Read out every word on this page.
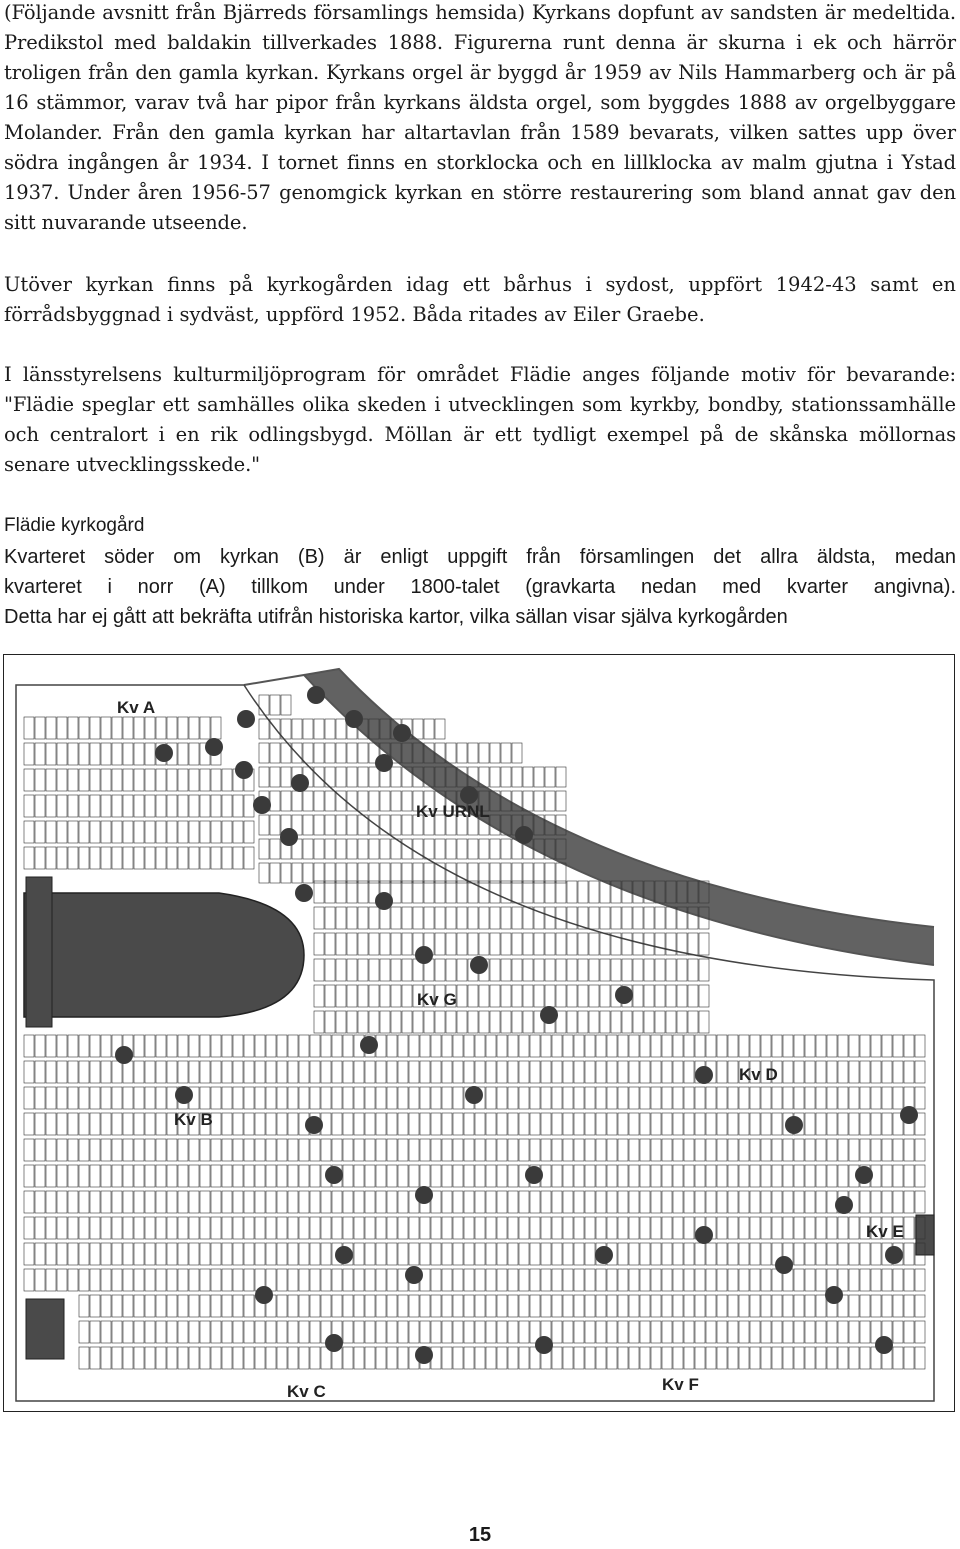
(Följande avsnitt från Bjärreds församlings hemsida) Kyrkans dopfunt av sandsten är medeltida. Predikstol med baldakin tillverkades 1888. Figurerna runt denna är skurna i ek och härrör troligen från den gamla kyrkan. Kyrkans orgel är byggd år 1959 av Nils Hammarberg och är på 16 stämmor, varav två har pipor från kyrkans äldsta orgel, som byggdes 1888 av orgelbyggare Molander. Från den gamla kyrkan har altartavlan från 1589 bevarats, vilken sattes upp över södra ingången år 1934. I tornet finns en storklocka och en lillklocka av malm gjutna i Ystad 1937. Under åren 1956-57 genomgick kyrkan en större restaurering som bland annat gav den sitt nuvarande utseende.

Utöver kyrkan finns på kyrkogården idag ett bårhus i sydost, uppfört 1942-43 samt en förrådsbyggnad i sydväst, uppförd 1952. Båda ritades av Eiler Graebe.

I länsstyrelsens kulturmiljöprogram för området Flädie anges följande motiv för bevarande: "Flädie speglar ett samhälles olika skeden i utvecklingen som kyrkby, bondby, stationssamhälle och centralort i en rik odlingsbygd. Möllan är ett tydligt exempel på de skånska möllornas senare utvecklingsskede."

Flädie kyrkogård

Kvarteret söder om kyrkan (B) är enligt uppgift från församlingen det allra äldsta, medan
kvarteret i norr (A) tillkom under 1800-talet (gravkarta nedan med kvarter angivna).
Detta har ej gått att bekräfta utifrån historiska kartor, vilka sällan visar själva kyrkogården

Kv A
Kv URNL
Kv G
Kv D
Kv B
Kv E
Kv C	Kv F

15
